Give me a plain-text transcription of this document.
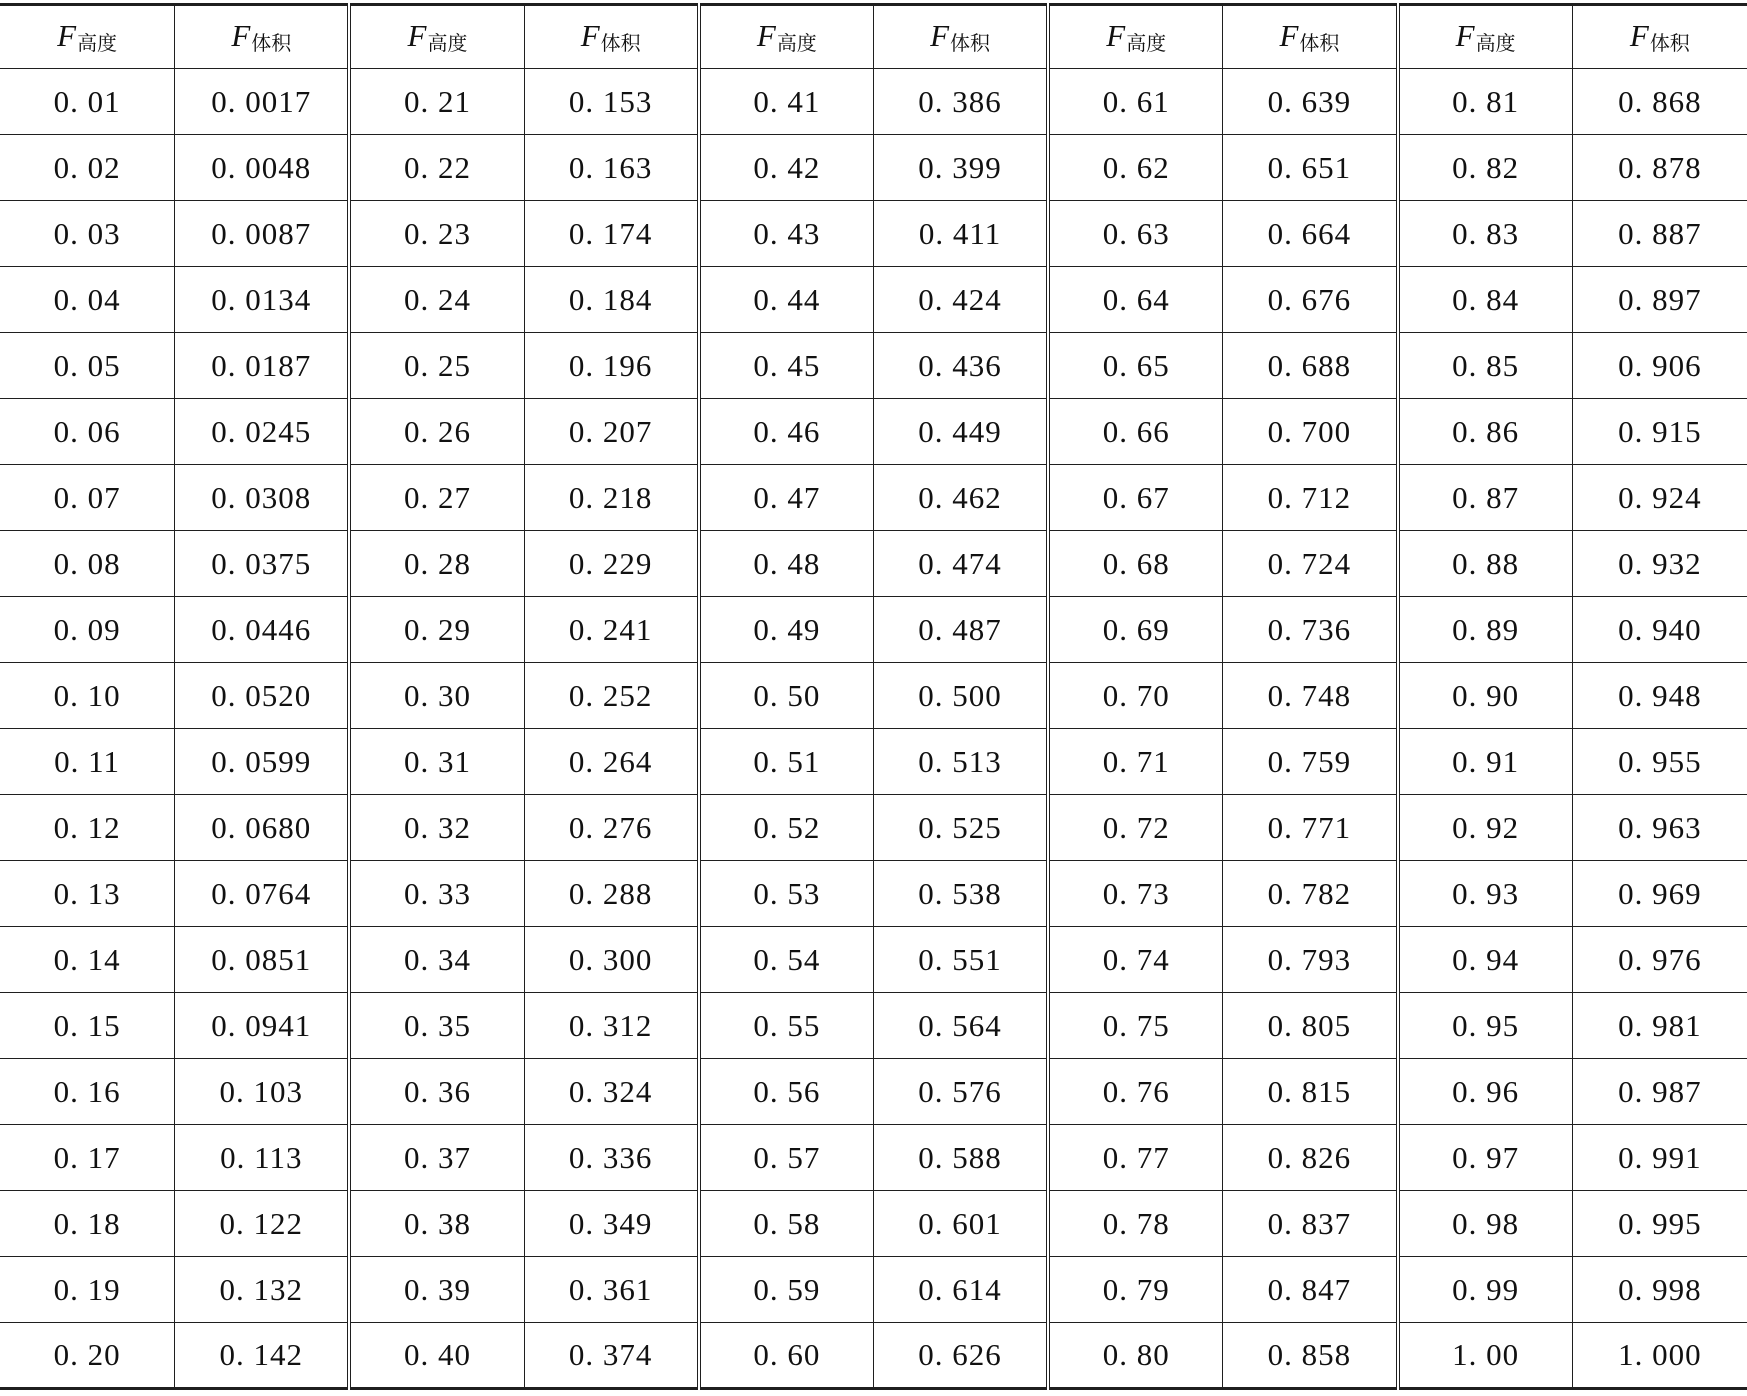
F高度	F体积	F高度	F体积	F高度	F体积	F高度	F体积	F高度	F体积
0. 01	0. 0017	0. 21	0. 153	0. 41	0. 386	0. 61	0. 639	0. 81	0. 868
0. 02	0. 0048	0. 22	0. 163	0. 42	0. 399	0. 62	0. 651	0. 82	0. 878
0. 03	0. 0087	0. 23	0. 174	0. 43	0. 411	0. 63	0. 664	0. 83	0. 887
0. 04	0. 0134	0. 24	0. 184	0. 44	0. 424	0. 64	0. 676	0. 84	0. 897
0. 05	0. 0187	0. 25	0. 196	0. 45	0. 436	0. 65	0. 688	0. 85	0. 906
0. 06	0. 0245	0. 26	0. 207	0. 46	0. 449	0. 66	0. 700	0. 86	0. 915
0. 07	0. 0308	0. 27	0. 218	0. 47	0. 462	0. 67	0. 712	0. 87	0. 924
0. 08	0. 0375	0. 28	0. 229	0. 48	0. 474	0. 68	0. 724	0. 88	0. 932
0. 09	0. 0446	0. 29	0. 241	0. 49	0. 487	0. 69	0. 736	0. 89	0. 940
0. 10	0. 0520	0. 30	0. 252	0. 50	0. 500	0. 70	0. 748	0. 90	0. 948
0. 11	0. 0599	0. 31	0. 264	0. 51	0. 513	0. 71	0. 759	0. 91	0. 955
0. 12	0. 0680	0. 32	0. 276	0. 52	0. 525	0. 72	0. 771	0. 92	0. 963
0. 13	0. 0764	0. 33	0. 288	0. 53	0. 538	0. 73	0. 782	0. 93	0. 969
0. 14	0. 0851	0. 34	0. 300	0. 54	0. 551	0. 74	0. 793	0. 94	0. 976
0. 15	0. 0941	0. 35	0. 312	0. 55	0. 564	0. 75	0. 805	0. 95	0. 981
0. 16	0. 103	0. 36	0. 324	0. 56	0. 576	0. 76	0. 815	0. 96	0. 987
0. 17	0. 113	0. 37	0. 336	0. 57	0. 588	0. 77	0. 826	0. 97	0. 991
0. 18	0. 122	0. 38	0. 349	0. 58	0. 601	0. 78	0. 837	0. 98	0. 995
0. 19	0. 132	0. 39	0. 361	0. 59	0. 614	0. 79	0. 847	0. 99	0. 998
0. 20	0. 142	0. 40	0. 374	0. 60	0. 626	0. 80	0. 858	1. 00	1. 000
